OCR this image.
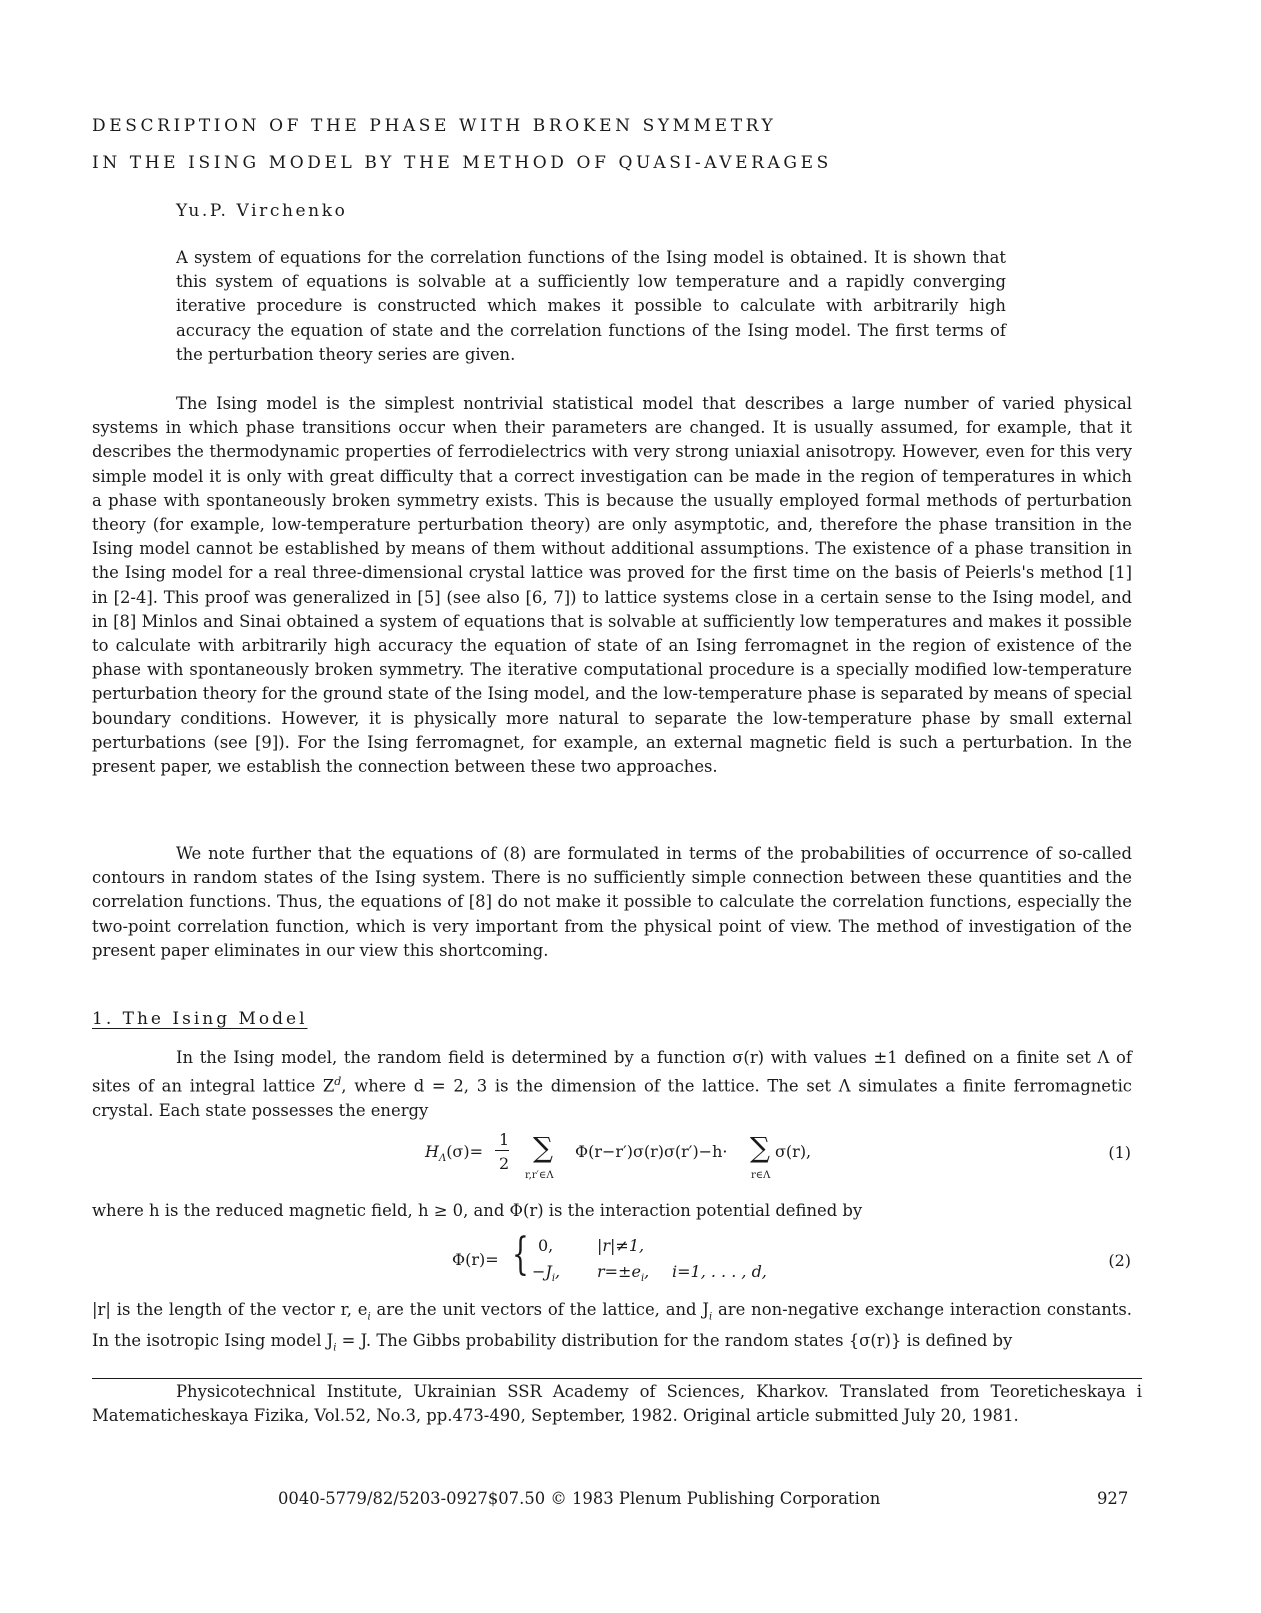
DESCRIPTION OF THE PHASE WITH BROKEN SYMMETRY
IN THE ISING MODEL BY THE METHOD OF QUASI-AVERAGES
Yu.P. Virchenko
A system of equations for the correlation functions of the Ising model is obtained. It is shown that this system of equations is solvable at a sufficiently low temperature and a rapidly converging iterative procedure is constructed which makes it possible to calculate with arbitrarily high accuracy the equation of state and the correlation functions of the Ising model. The first terms of the perturbation theory series are given.
The Ising model is the simplest nontrivial statistical model that describes a large number of varied physical systems in which phase transitions occur when their parameters are changed. It is usually assumed, for example, that it describes the thermodynamic properties of ferrodielectrics with very strong uniaxial anisotropy. However, even for this very simple model it is only with great difficulty that a correct investigation can be made in the region of temperatures in which a phase with spontaneously broken symmetry exists. This is because the usually employed formal methods of perturbation theory (for example, low-temperature perturbation theory) are only asymptotic, and, therefore the phase transition in the Ising model cannot be established by means of them without additional assumptions. The existence of a phase transition in the Ising model for a real three-dimensional crystal lattice was proved for the first time on the basis of Peierls's method [1] in [2-4]. This proof was generalized in [5] (see also [6, 7]) to lattice systems close in a certain sense to the Ising model, and in [8] Minlos and Sinai obtained a system of equations that is solvable at sufficiently low temperatures and makes it possible to calculate with arbitrarily high accuracy the equation of state of an Ising ferromagnet in the region of existence of the phase with spontaneously broken symmetry. The iterative computational procedure is a specially modified low-temperature perturbation theory for the ground state of the Ising model, and the low-temperature phase is separated by means of special boundary conditions. However, it is physically more natural to separate the low-temperature phase by small external perturbations (see [9]). For the Ising ferromagnet, for example, an external magnetic field is such a perturbation. In the present paper, we establish the connection between these two approaches.
We note further that the equations of (8) are formulated in terms of the probabilities of occurrence of so-called contours in random states of the Ising system. There is no sufficiently simple connection between these quantities and the correlation functions. Thus, the equations of [8] do not make it possible to calculate the correlation functions, especially the two-point correlation function, which is very important from the physical point of view. The method of investigation of the present paper eliminates in our view this shortcoming.
1. The Ising Model
In the Ising model, the random field is determined by a function σ(r) with values ±1 defined on a finite set Λ of sites of an integral lattice $Z^d$, where d = 2, 3 is the dimension of the lattice. The set Λ simulates a finite ferromagnetic crystal. Each state possesses the energy
$H_\Lambda(\sigma)=$
1
2 ∑
r,r′∈Λ
Φ(r−r′)σ(r)σ(r′)−h· ∑
r∈Λ
σ(r),	(1)
where h is the reduced magnetic field, h ≥ 0, and Φ(r) is the interaction potential defined by
Φ(r)= { 0,	|r|≠1,
$-J_i$, $r=\pm e_i$, i=1, . . . , d,
(2)
|r| is the length of the vector r, $e_i$ are the unit vectors of the lattice, and $J_i$ are non-negative exchange interaction constants. In the isotropic Ising model $J_i = J$. The Gibbs probability distribution for the random states {σ(r)} is defined by
Physicotechnical Institute, Ukrainian SSR Academy of Sciences, Kharkov. Translated from Teoreticheskaya i Matematicheskaya Fizika, Vol.52, No.3, pp.473-490, September, 1982. Original article submitted July 20, 1981.
0040-5779/82/5203-0927$07.50 © 1983 Plenum Publishing Corporation	927
